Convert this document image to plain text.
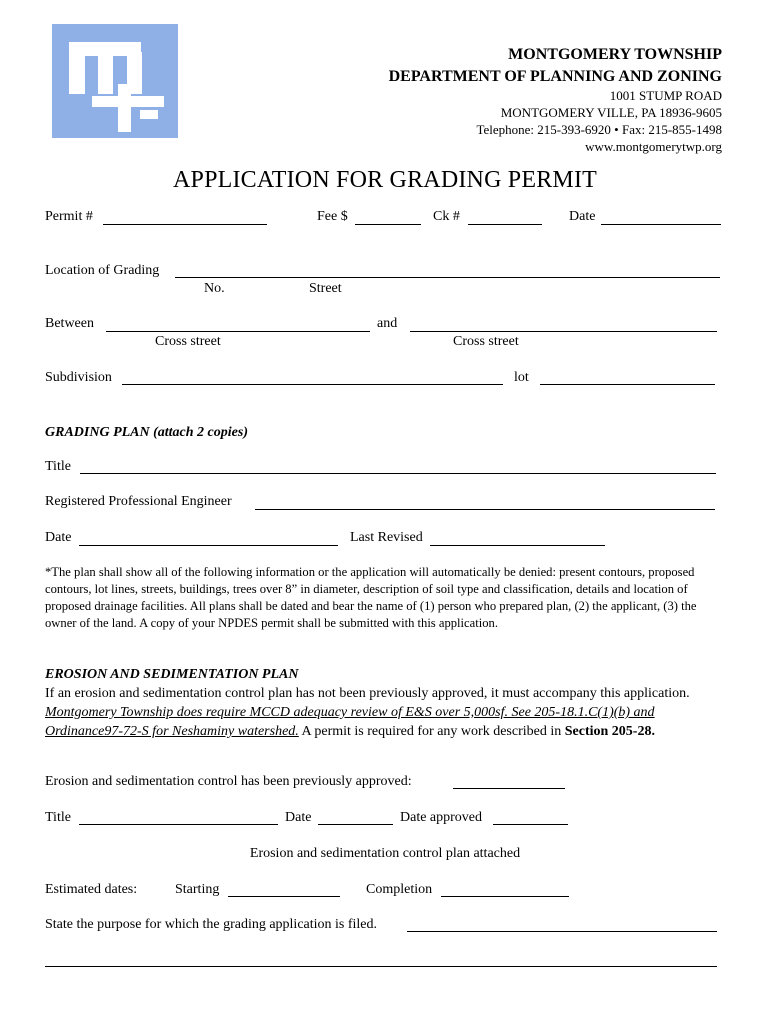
MONTGOMERY TOWNSHIP
DEPARTMENT OF PLANNING AND ZONING
1001 STUMP ROAD
MONTGOMERY VILLE, PA 18936-9605
Telephone: 215-393-6920 • Fax: 215-855-1498
www.montgomerytwp.org
APPLICATION FOR GRADING PERMIT
Permit #	Fee $	Ck #	Date
Location of Grading
No.	Street
Between	and
Cross street	Cross street
Subdivision	lot
GRADING PLAN (attach 2 copies)
Title
Registered Professional Engineer
Date	Last Revised
*The plan shall show all of the following information or the application will automatically be denied: present contours, proposed contours, lot lines, streets, buildings, trees over 8” in diameter, description of soil type and classification, details and location of proposed drainage facilities. All plans shall be dated and bear the name of (1) person who prepared plan, (2) the applicant, (3) the owner of the land. A copy of your NPDES permit shall be submitted with this application.
EROSION AND SEDIMENTATION PLAN
If an erosion and sedimentation control plan has not been previously approved, it must accompany this application. Montgomery Township does require MCCD adequacy review of E&S over 5,000sf. See 205-18.1.C(1)(b) and Ordinance97-72-S for Neshaminy watershed. A permit is required for any work described in Section 205-28.
Erosion and sedimentation control has been previously approved:
Title	Date	Date approved
Erosion and sedimentation control plan attached
Estimated dates:	Starting	Completion
State the purpose for which the grading application is filed.
